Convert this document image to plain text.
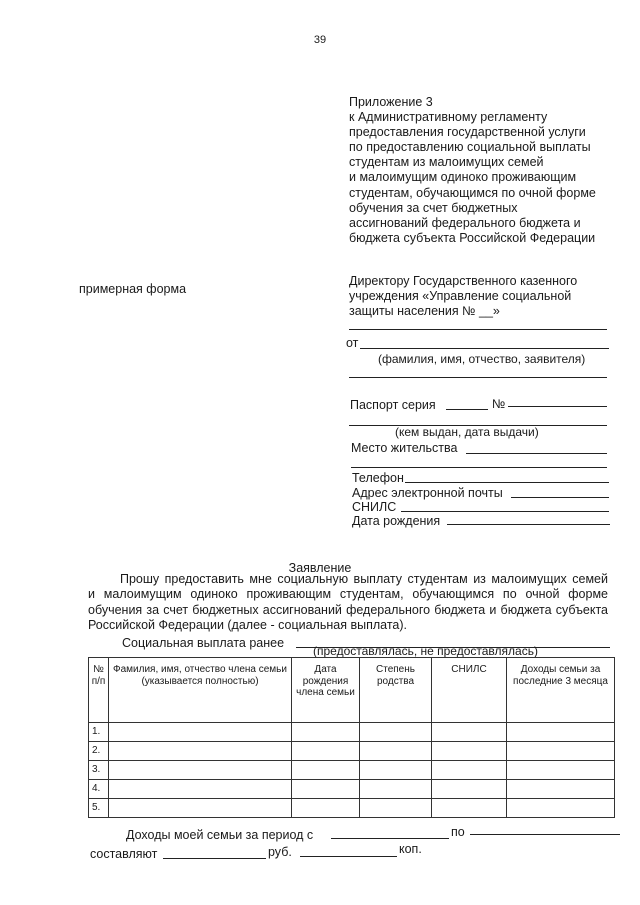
39
Приложение 3
к Административному регламенту
предоставления государственной услуги
по предоставлению социальной выплаты
студентам из малоимущих семей
и малоимущим одиноко проживающим
студентам, обучающимся по очной форме
обучения за счет бюджетных
ассигнований федерального бюджета и
бюджета субъекта Российской Федерации
примерная форма
Директору Государственного казенного
учреждения «Управление социальной
защиты населения № __»
от
(фамилия, имя, отчество, заявителя)
Паспорт серия	№
(кем выдан, дата выдачи)
Место жительства
Телефон
Адрес электронной почты
СНИЛС
Дата рождения
Заявление
Прошу предоставить мне социальную выплату студентам из малоимущих семей
и малоимущим одиноко проживающим студентам, обучающимся по очной форме
обучения за счет бюджетных ассигнований федерального бюджета и бюджета субъекта
Российской Федерации (далее - социальная выплата).
Социальная выплата ранее
(предоставлялась, не предоставлялась)
№ п/п	Фамилия, имя, отчество члена семьи (указывается полностью)	Дата рождения члена семьи	Степень родства	СНИЛС	Доходы семьи за последние 3 месяца
1.					
2.					
3.					
4.					
5.					
Доходы моей семьи за период с	по
составляют	руб.	коп.
